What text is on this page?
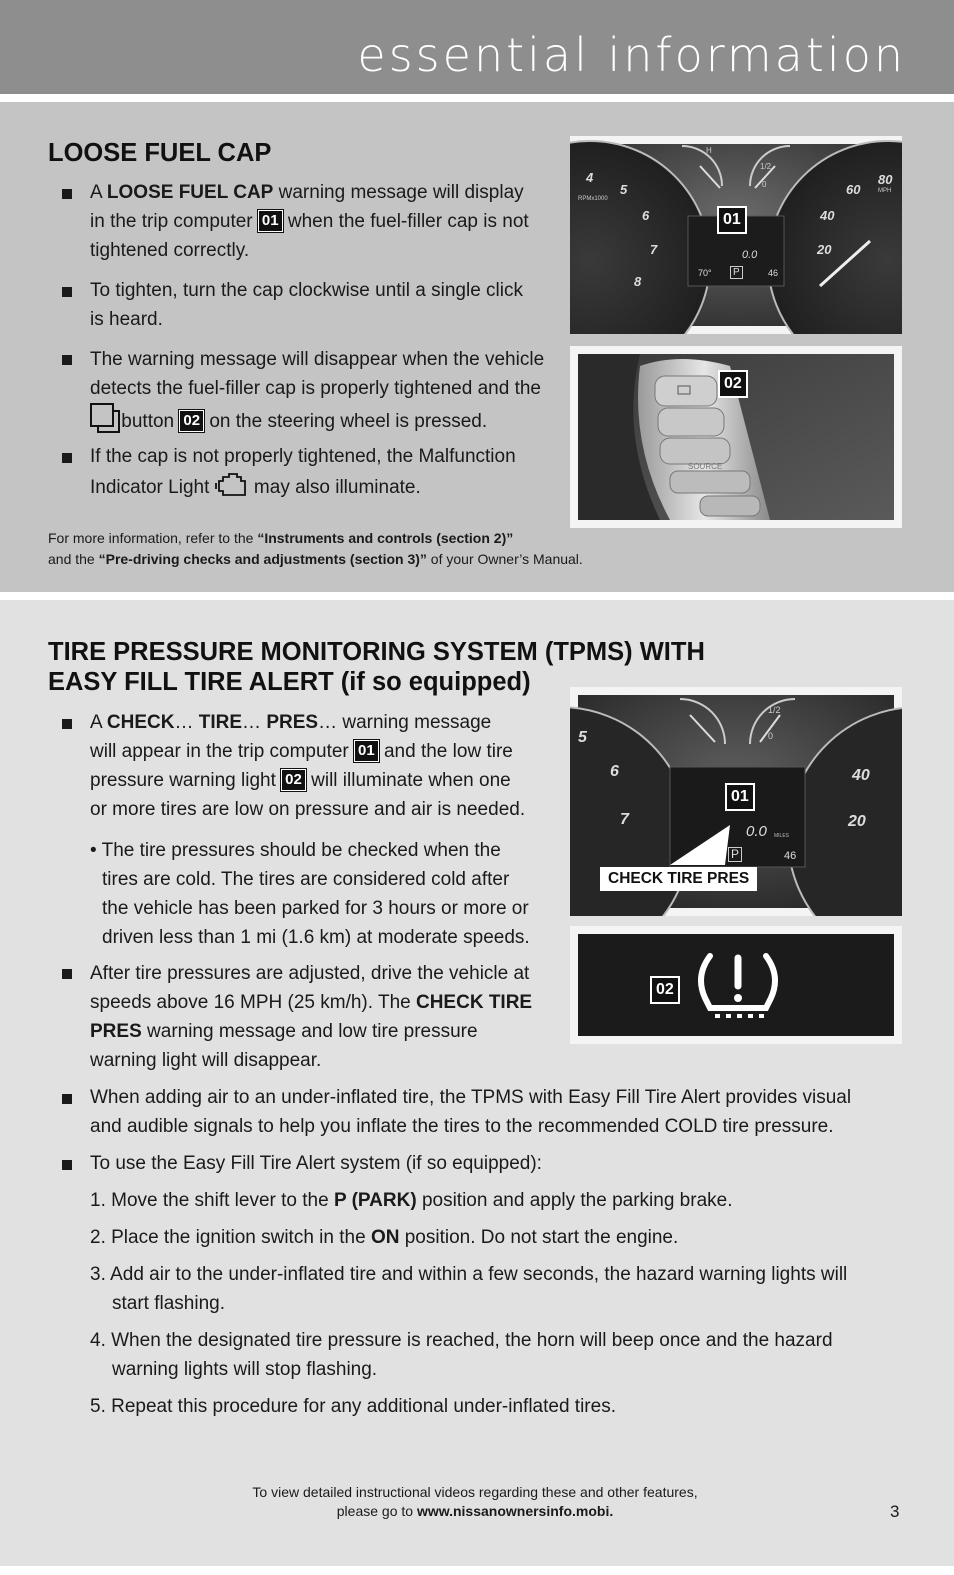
essential information
LOOSE FUEL CAP

A LOOSE FUEL CAP warning message will display
in the trip computer 01 when the fuel-filler cap is not
tightened correctly.

To tighten, turn the cap clockwise until a single click
is heard.

The warning message will disappear when the vehicle
detects the fuel-filler cap is properly tightened and the
button 02 on the steering wheel is pressed.

If the cap is not properly tightened, the Malfunction
Indicator Light  may also illuminate.

For more information, refer to the “Instruments and controls (section 2)”
and the “Pre-driving checks and adjustments (section 3)” of your Owner’s Manual.
4
5
6
7
8
RPMx1000
20
40
60
80
MPH
H
1/2
0
0.0
70°	P	46
01
SOURCE
02
TIRE PRESSURE MONITORING SYSTEM (TPMS) WITH
EASY FILL TIRE ALERT (if so equipped)

A CHECK… TIRE… PRES… warning message
will appear in the trip computer 01 and the low tire
pressure warning light 02 will illuminate when one
or more tires are low on pressure and air is needed.

• The tire pressures should be checked when the
tires are cold. The tires are considered cold after
the vehicle has been parked for 3 hours or more or
driven less than 1 mi (1.6 km) at moderate speeds.

After tire pressures are adjusted, drive the vehicle at
speeds above 16 MPH (25 km/h). The CHECK TIRE
PRES warning message and low tire pressure
warning light will disappear.

When adding air to an under-inflated tire, the TPMS with Easy Fill Tire Alert provides visual
and audible signals to help you inflate the tires to the recommended COLD tire pressure.

To use the Easy Fill Tire Alert system (if so equipped):

1. Move the shift lever to the P (PARK) position and apply the parking brake.

2. Place the ignition switch in the ON position. Do not start the engine.

3. Add air to the under-inflated tire and within a few seconds, the hazard warning lights will
start flashing.

4. When the designated tire pressure is reached, the horn will beep once and the hazard
warning lights will stop flashing.

5. Repeat this procedure for any additional under-inflated tires.

5
6
7
40
20
1/2
0
0.0 MILES
P	46
01
CHECK TIRE PRES
02
To view detailed instructional videos regarding these and other features,
please go to www.nissanownersinfo.mobi.	3
